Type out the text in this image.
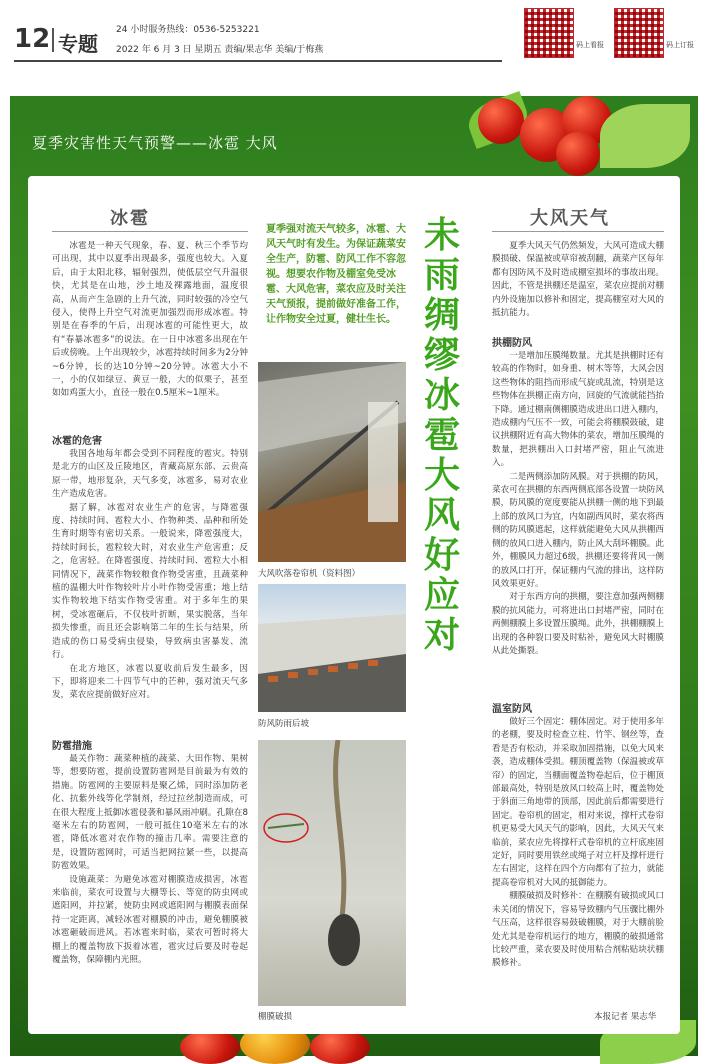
12 专题
24 小时服务热线：0536-5253221
2022 年 6 月 3 日 星期五 责编/果志华 美编/于梅燕	码上看报	码上订报
夏季灾害性天气预警——冰雹 大风
冰雹

冰雹是一种天气现象，春、夏、秋三个季节均可出现，其中以夏季出现最多，强度也较大。入夏后，由于太阳北移，辐射强烈，使低层空气升温很快，尤其是在山地，沙土地及裸露地面，温度很高，从而产生急剧的上升气流，同时较强的冷空气侵入，使得上升空气对流更加强烈而形成冰雹。特别是在春季的午后，出现冰雹的可能性更大，故有“春暴冰雹多”的说法。在一日中冰雹多出现在午后或傍晚。上午出现较少，冰雹持续时间多为2分钟~6分钟，长的达10分钟~20分钟。冰雹大小不一，小的仅如绿豆、黄豆一般，大的似栗子，甚至如如鸡蛋大小，直径一般在0.5厘米~1厘米。

冰雹的危害

我国各地每年都会受到不同程度的雹灾。特别是北方的山区及丘陵地区，青藏高原东部、云贵高原一带，地形复杂，天气多变，冰雹多，易对农业生产造成危害。

据了解，冰雹对农业生产的危害，与降雹强度、持续时间、雹粒大小、作物种类、品种和所处生育时期等有密切关系。一般说来，降雹强度大，持续时间长，雹粒较大时，对农业生产危害重；反之，危害轻。在降雹强度、持续时间、雹粒大小相同情况下，蔬菜作物较粮食作物受害重，且蔬菜种植的温棚大叶作物较叶片小叶作物受害重；地上结实作物较地下结实作物受害重。对于多年生的果树，受冰雹砸后，不仅枝叶折断，果实脱落，当年损失惨重，而且还会影响第二年的生长与结果，所造成的伤口易受病虫侵染，导致病虫害暴发、流行。

在北方地区，冰雹以夏收前后发生最多，因下，即将迎来二十四节气中的芒种，强对流天气多发，菜农应提前做好应对。

防雹措施

最关作物：蔬菜种植的蔬菜、大田作物、果树等，想要防雹，提前设置防雹网是目前最为有效的措施。防雹网的主要原料是聚乙烯，同时添加防老化、抗紫外线等化学制剂，经过拉丝制造而成，可在很大程度上抵御冰雹侵袭和暴风雨冲刷。孔隙在8毫米左右的防雹网，一般可抵住10毫米左右的冰雹，降低冰雹对农作物的撞击几率。需要注意的是，设置防雹网时，可适当把网拉紧一些，以提高防雹效果。

设施蔬菜：为避免冰雹对棚膜造成损害，冰雹来临前，菜农可设置与大棚等长、等宽的防虫网或遮阳网，并拉紧，使防虫网或遮阳网与棚膜表面保持一定距离，减轻冰雹对棚膜的冲击，避免棚膜被冰雹砸破而进风。若冰雹来时临，菜农可暂时将大棚上的覆盖物放下扳着冰雹，雹灾过后要及时卷起覆盖物，保障棚内光照。

夏季强对流天气较多，冰雹、大风天气时有发生。为保证蔬菜安全生产，防雹、防风工作不容忽视。想要农作物及棚室免受冰雹、大风危害，菜农应及时关注天气预报，提前做好准备工作，让作物安全过夏，健壮生长。
未雨绸缪 冰雹大风好应对
大风吹落卷帘机（资料图）
防风防雨后坡
棚膜破损
大风天气

夏季大风天气仍然频发，大风可造成大棚膜损破、保温被或草帘被刮翻，蔬菜产区每年都有因防风不及时造成棚室损坏的事故出现。因此，不管是拱棚还是温室，菜农应提前对棚内外设施加以修补和固定，提高棚室对大风的抵抗能力。

拱棚防风

一是增加压膜绳数量。尤其是拱棚时还有较高的作物时，如身重、树木等等，大风会因这些物体的阻挡而形成气旋或乱流，特别是这些物体在拱棚正南方向，回旋的气流就能挡抬下降。通过棚南侧棚膜造成进出口进入棚内，造成棚内气压不一致，可能会将棚膜鼓破，建议拱棚附近有高大物体的菜农，增加压膜绳的数量，把拱棚出入口封堵严密，阻止气流进入。

二是两侧添加防风膜。对于拱棚的防风，菜农可在拱棚的东西两侧底部各设置一块防风膜，防风膜的宽度要能从拱棚一侧的地下到最上部的放风口为宜，内如副西风时，菜农将西侧的防风膜遮起，这样就能避免大风从拱棚西侧的放风口进入棚内，防止风大刮坏棚膜。此外，棚膜风力超过6级，拱棚还要将背风一侧的放风口打开，保证棚内气流的排出，这样防风效果更好。

对于东西方向的拱棚，要注意加强两侧棚膜的抗风能力，可将进出口封堵严密，同时在两侧棚膜上多设置压膜绳。此外，拱棚棚膜上出现的各种裂口要及时粘补，避免风大时棚膜从此处撕裂。

温室防风

做好三个固定：棚体固定。对于使用多年的老棚，要及时检查立柱、竹竿、钢丝等，查看是否有松动，并采取加固措施，以免大风来袭，造成棚体受损。棚顶覆盖物（保温被或草帘）的固定，当棚面覆盖物卷起后，位于棚顶部最高处，特别是放风口较高上时，覆盖物处于斜面三角地带的顶部，因此前后都需要进行固定。卷帘机的固定，相对来说，撑杆式卷帘机更易受大风天气的影响，因此，大风天气来临前，菜农应先将撑杆式卷帘机的立杆底座固定好，同时要用铁丝或绳子对立杆及撑杆进行左右固定，这样在四个方向都有了拉力，就能提高卷帘机对大风的抵御能力。

棚膜破损及时修补：在棚膜有破损或风口未关闭的情况下，容易导致棚内气压骤比棚外气压高，这样很容易鼓破棚膜，对于大棚前脸处尤其是卷帘机运行的地方，棚膜的破损通常比较严重，菜农要及时使用粘合剂粘贴块状棚膜修补。

本报记者 果志华
